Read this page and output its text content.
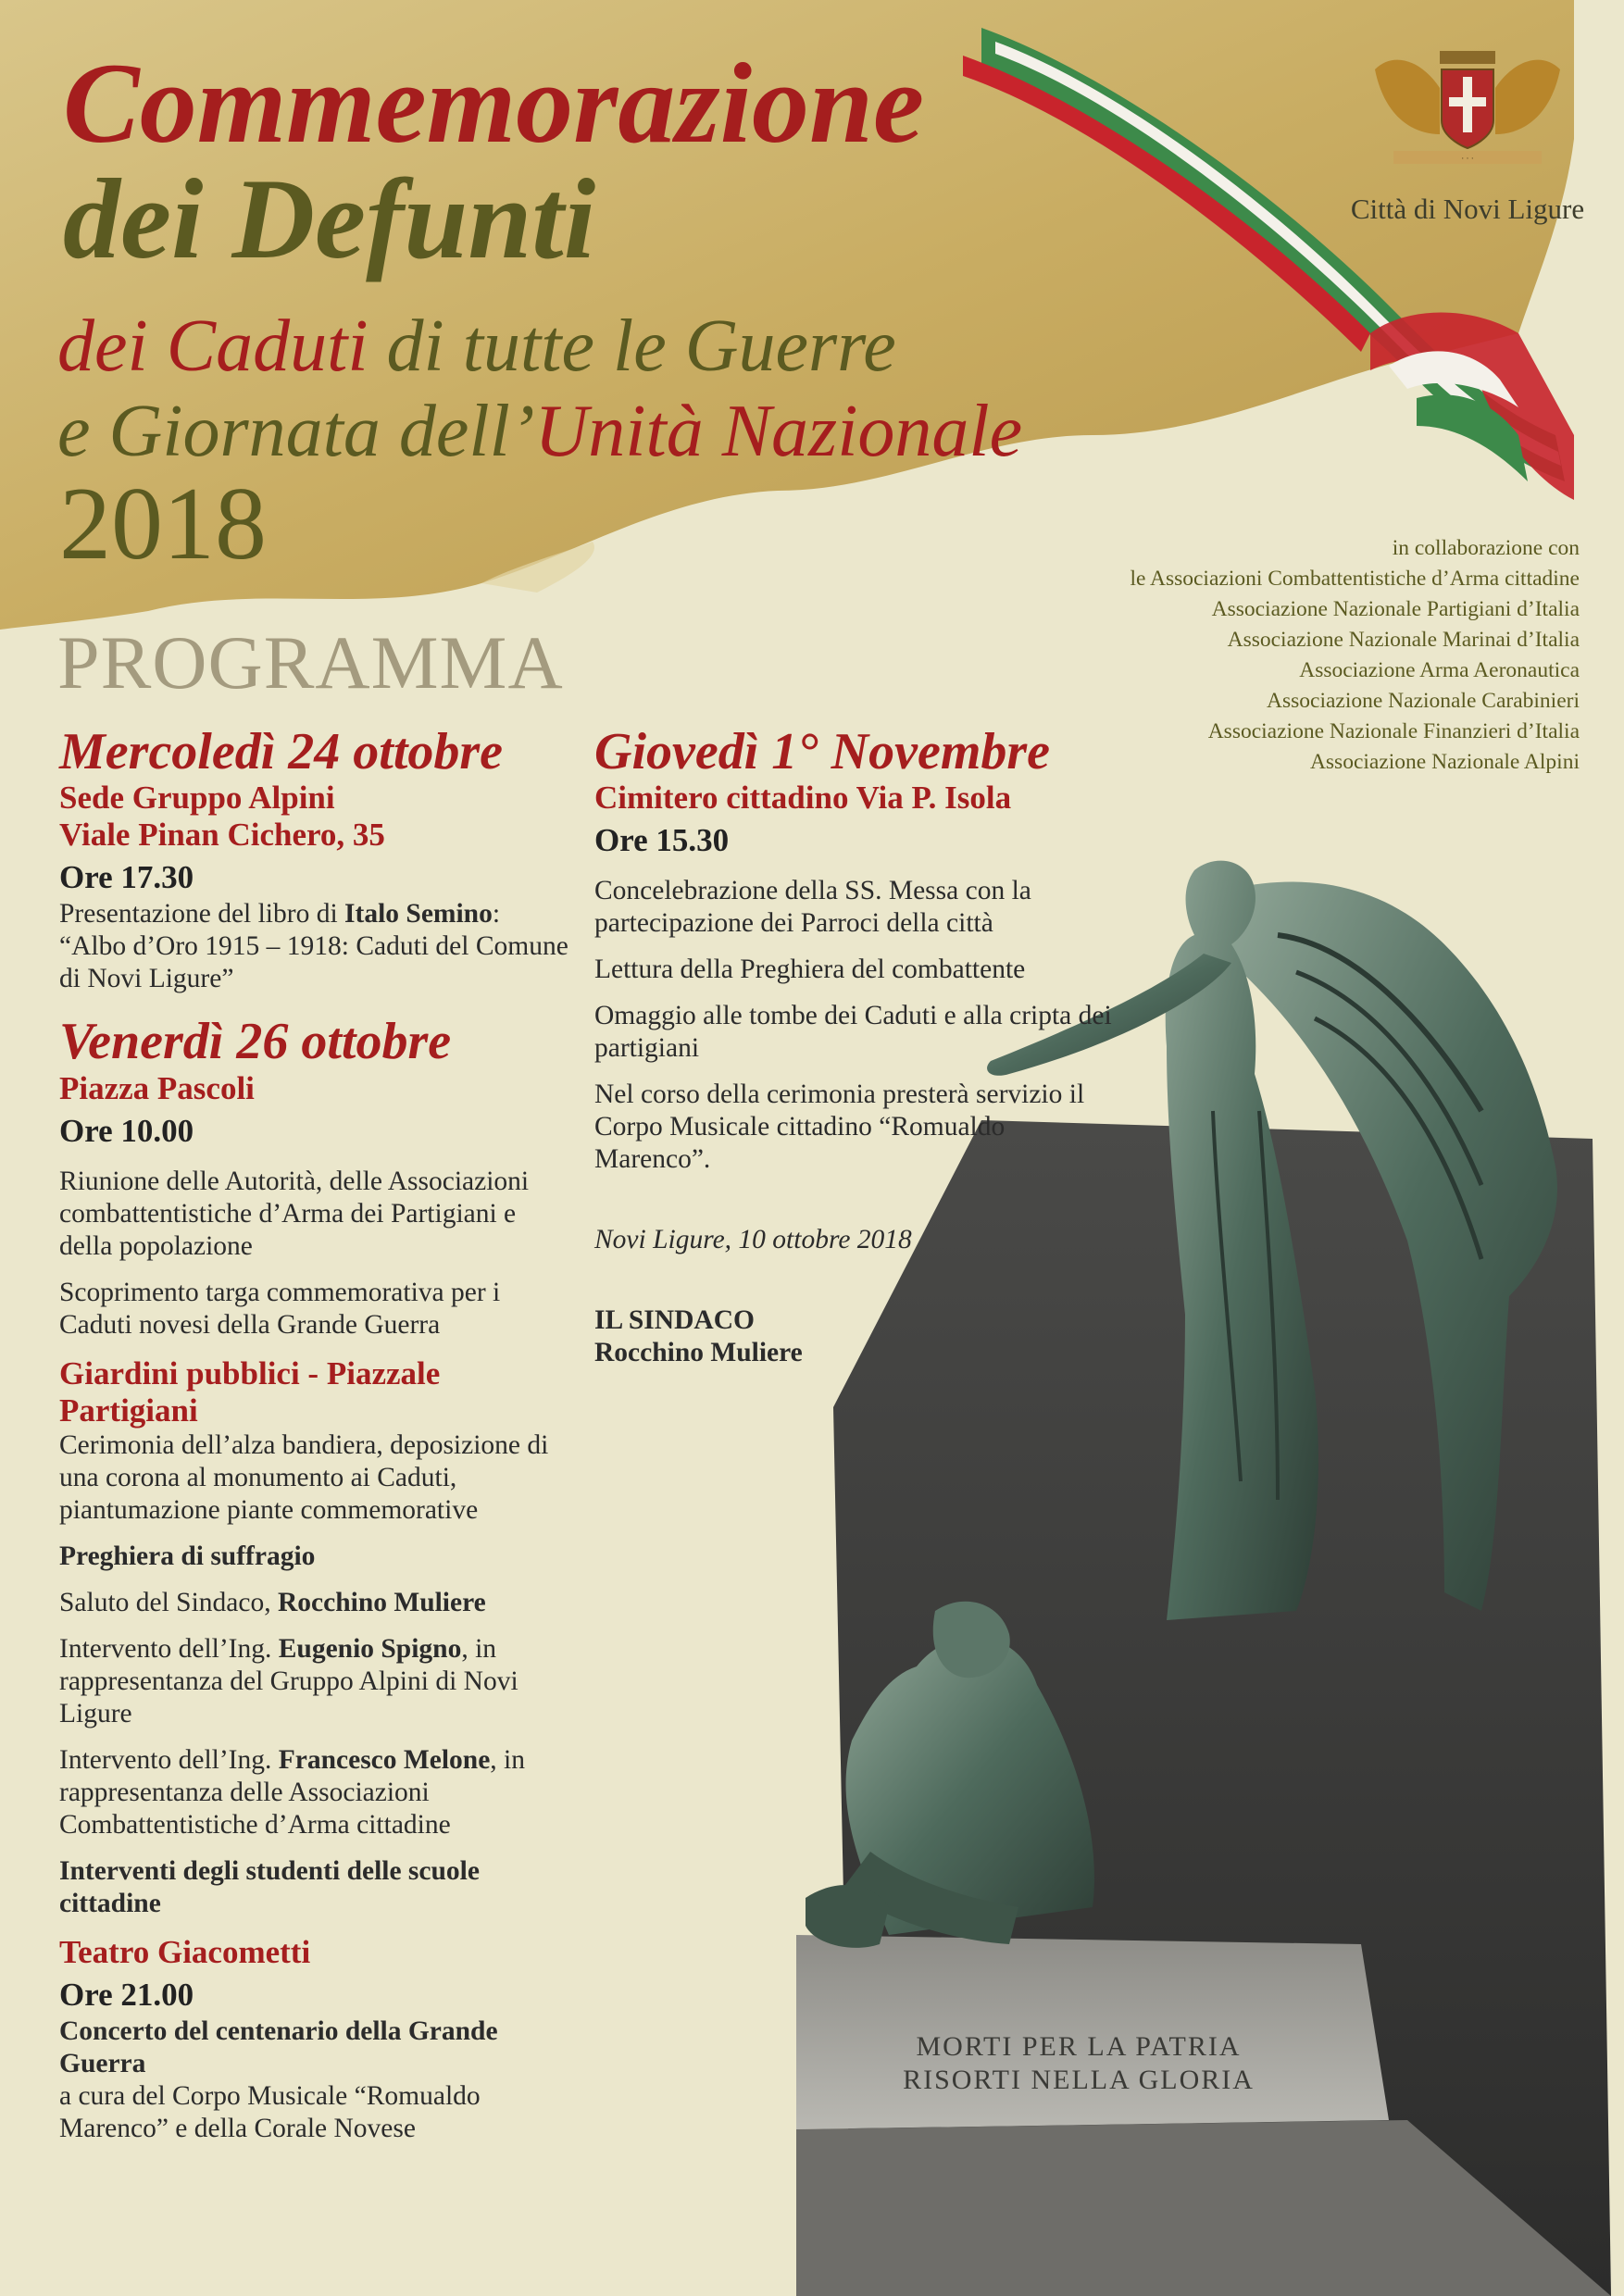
· · ·
Città di Novi Ligure
Commemorazione
dei Defunti
dei Caduti di tutte le Guerre
e Giornata dell’Unità Nazionale
2018
PROGRAMMA
in collaborazione con
le Associazioni Combattentistiche d’Arma cittadine
Associazione Nazionale Partigiani d’Italia
Associazione Nazionale Marinai d’Italia
Associazione Arma Aeronautica
Associazione Nazionale Carabinieri
Associazione Nazionale Finanzieri d’Italia
Associazione Nazionale Alpini
MORTI PER LA PATRIA
RISORTI NELLA GLORIA
Mercoledì 24 ottobre
Sede Gruppo Alpini
Viale Pinan Cichero, 35
Ore 17.30
Presentazione del libro di Italo Semino: “Albo d’Oro 1915 – 1918: Caduti del Comune di Novi Ligure”
Venerdì 26 ottobre
Piazza Pascoli
Ore 10.00
Riunione delle Autorità, delle Associazioni combattentistiche d’Arma dei Partigiani e della popolazione
Scoprimento targa commemorativa per i Caduti novesi della Grande Guerra
Giardini pubblici - Piazzale Partigiani
Cerimonia dell’alza bandiera, deposizione di una corona al monumento ai Caduti, piantumazione piante commemorative
Preghiera di suffragio
Saluto del Sindaco, Rocchino Muliere
Intervento dell’Ing. Eugenio Spigno, in rappresentanza del Gruppo Alpini di Novi Ligure
Intervento dell’Ing. Francesco Melone, in rappresentanza delle Associazioni Combattentistiche d’Arma cittadine
Interventi degli studenti delle scuole cittadine
Teatro Giacometti
Ore 21.00
Concerto del centenario della Grande Guerra
a cura del Corpo Musicale “Romualdo Marenco” e della Corale Novese
Giovedì 1° Novembre
Cimitero cittadino Via P. Isola
Ore 15.30
Concelebrazione della SS. Messa con la partecipazione dei Parroci della città
Lettura della Preghiera del combattente
Omaggio alle tombe dei Caduti e alla cripta dei partigiani
Nel corso della cerimonia presterà servizio il Corpo Musicale cittadino “Romualdo Marenco”.
Novi Ligure, 10 ottobre 2018
IL SINDACO
Rocchino Muliere
